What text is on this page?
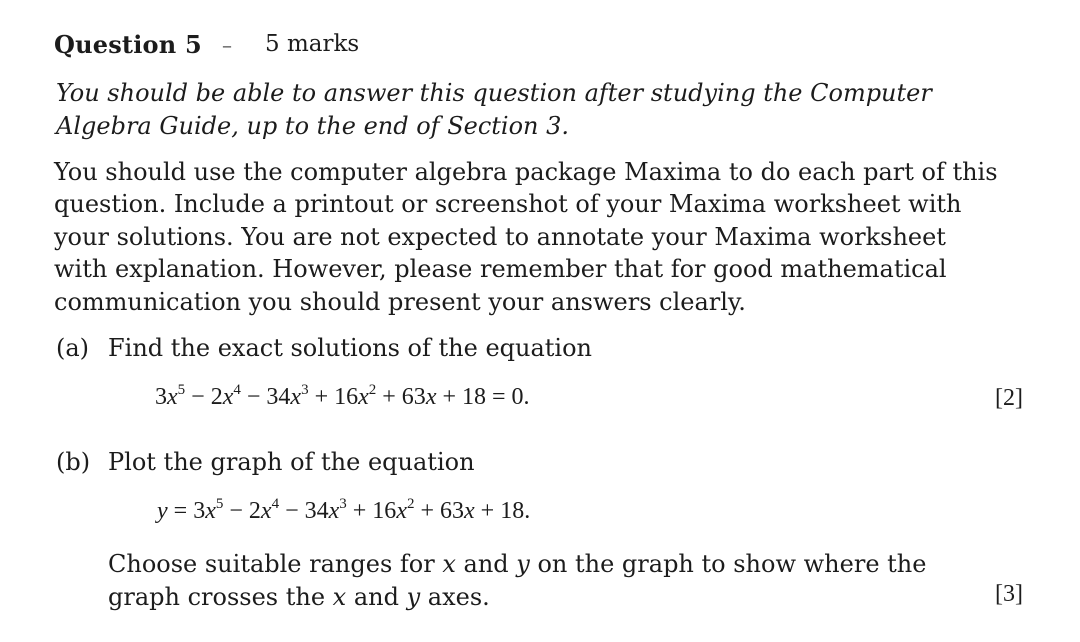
Question 5 – 5 marks
You should be able to answer this question after studying the Computer
Algebra Guide, up to the end of Section 3.
You should use the computer algebra package Maxima to do each part of this
question. Include a printout or screenshot of your Maxima worksheet with
your solutions. You are not expected to annotate your Maxima worksheet
with explanation. However, please remember that for good mathematical
communication you should present your answers clearly.
(a) Find the exact solutions of the equation
$3x^5 - 2x^4 - 34x^3 + 16x^2 + 63x + 18 = 0$.	[2]
(b) Plot the graph of the equation
$y = 3x^5 - 2x^4 - 34x^3 + 16x^2 + 63x + 18$.
Choose suitable ranges for x and y on the graph to show where the
graph crosses the x and y axes.	[3]
